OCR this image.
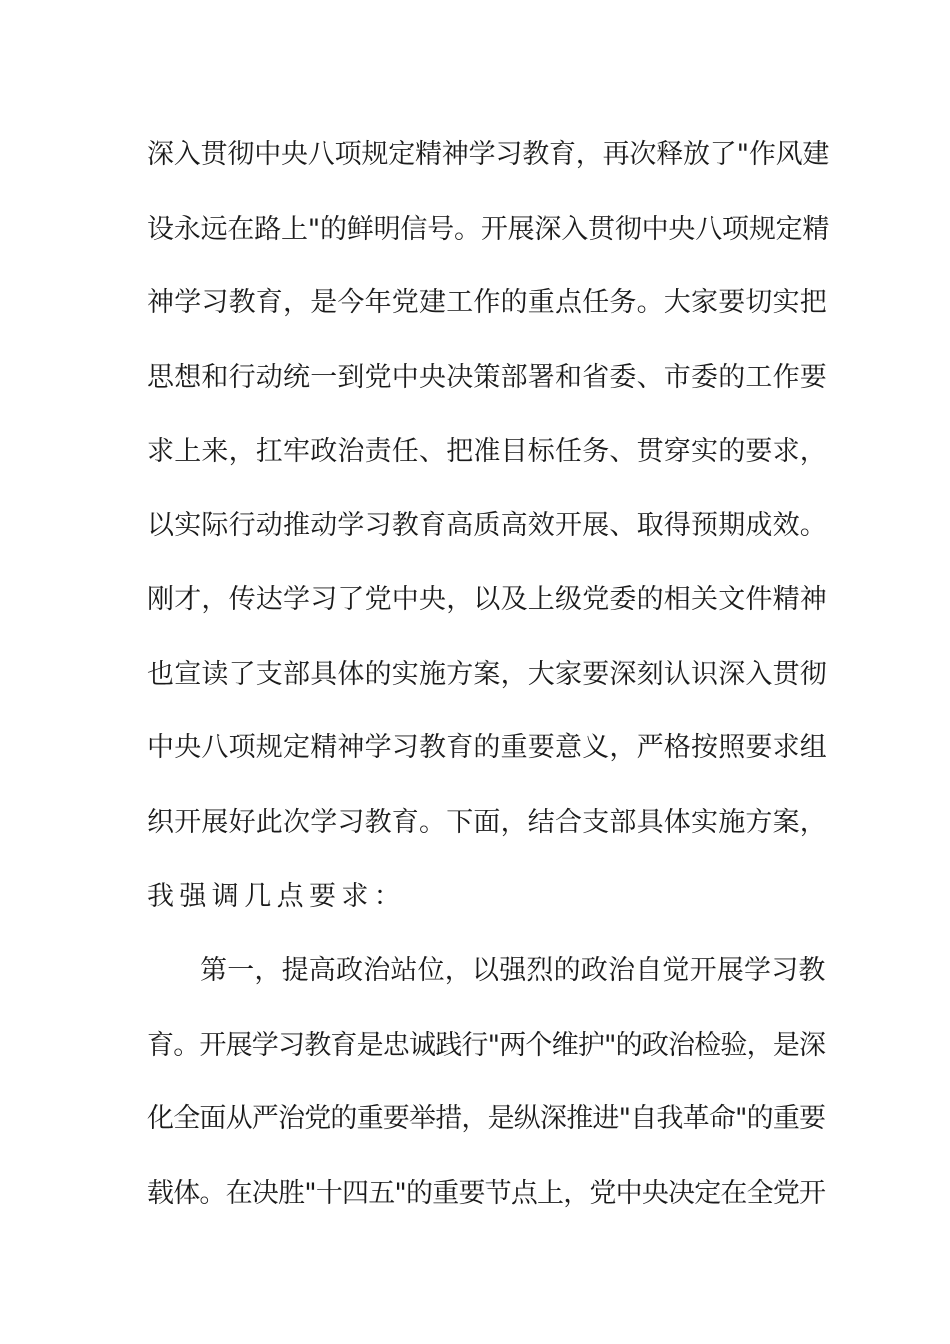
深入贯彻中央八项规定精神学习教育，再次释放了"作风建
设永远在路上"的鲜明信号。开展深入贯彻中央八项规定精
神学习教育，是今年党建工作的重点任务。大家要切实把
思想和行动统一到党中央决策部署和省委、市委的工作要
求上来，扛牢政治责任、把准目标任务、贯穿实的要求，
以实际行动推动学习教育高质高效开展、取得预期成效。
刚才，传达学习了党中央，以及上级党委的相关文件精神
也宣读了支部具体的实施方案，大家要深刻认识深入贯彻
中央八项规定精神学习教育的重要意义，严格按照要求组
织开展好此次学习教育。下面，结合支部具体实施方案，
我强调几点要求：
第一，提高政治站位，以强烈的政治自觉开展学习教
育。开展学习教育是忠诚践行"两个维护"的政治检验，是深
化全面从严治党的重要举措，是纵深推进"自我革命"的重要
载体。在决胜"十四五"的重要节点上，党中央决定在全党开
